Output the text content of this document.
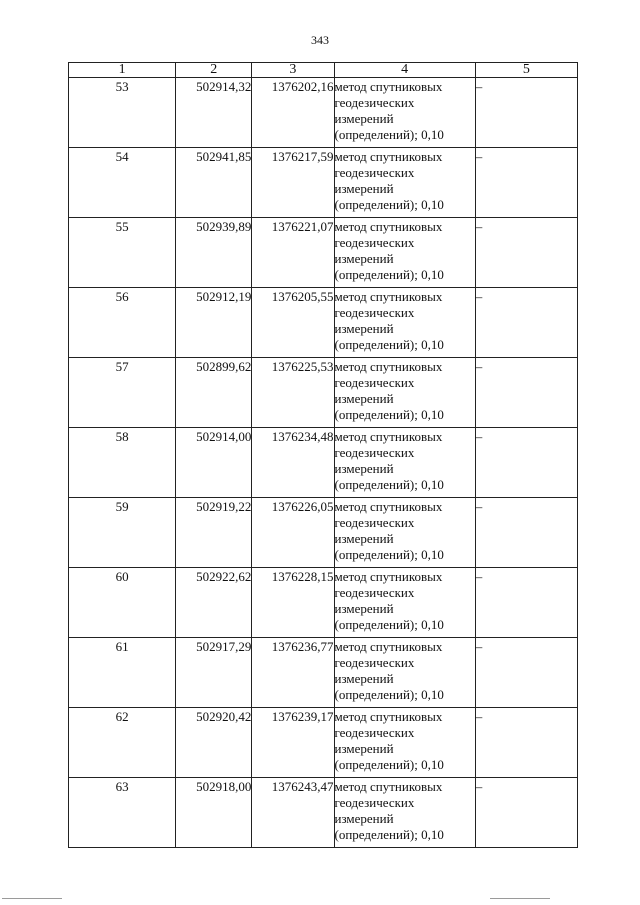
343
1	2	3	4	5
53	502914,32	1376202,16	метод спутниковых
геодезических
измерений
(определений); 0,10	–
54	502941,85	1376217,59	метод спутниковых
геодезических
измерений
(определений); 0,10	–
55	502939,89	1376221,07	метод спутниковых
геодезических
измерений
(определений); 0,10	–
56	502912,19	1376205,55	метод спутниковых
геодезических
измерений
(определений); 0,10	–
57	502899,62	1376225,53	метод спутниковых
геодезических
измерений
(определений); 0,10	–
58	502914,00	1376234,48	метод спутниковых
геодезических
измерений
(определений); 0,10	–
59	502919,22	1376226,05	метод спутниковых
геодезических
измерений
(определений); 0,10	–
60	502922,62	1376228,15	метод спутниковых
геодезических
измерений
(определений); 0,10	–
61	502917,29	1376236,77	метод спутниковых
геодезических
измерений
(определений); 0,10	–
62	502920,42	1376239,17	метод спутниковых
геодезических
измерений
(определений); 0,10	–
63	502918,00	1376243,47	метод спутниковых
геодезических
измерений
(определений); 0,10	–
